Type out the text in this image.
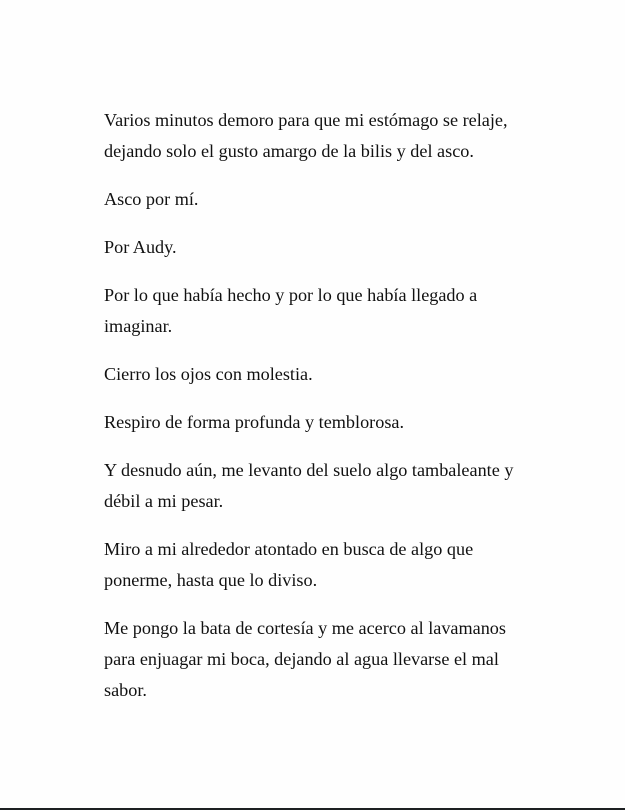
Varios minutos demoro para que mi estómago se relaje,
dejando solo el gusto amargo de la bilis y del asco.

Asco por mí.

Por Audy.

Por lo que había hecho y por lo que había llegado a
imaginar.

Cierro los ojos con molestia.

Respiro de forma profunda y temblorosa.

Y desnudo aún, me levanto del suelo algo tambaleante y
débil a mi pesar.

Miro a mi alrededor atontado en busca de algo que
ponerme, hasta que lo diviso.

Me pongo la bata de cortesía y me acerco al lavamanos
para enjuagar mi boca, dejando al agua llevarse el mal
sabor.
